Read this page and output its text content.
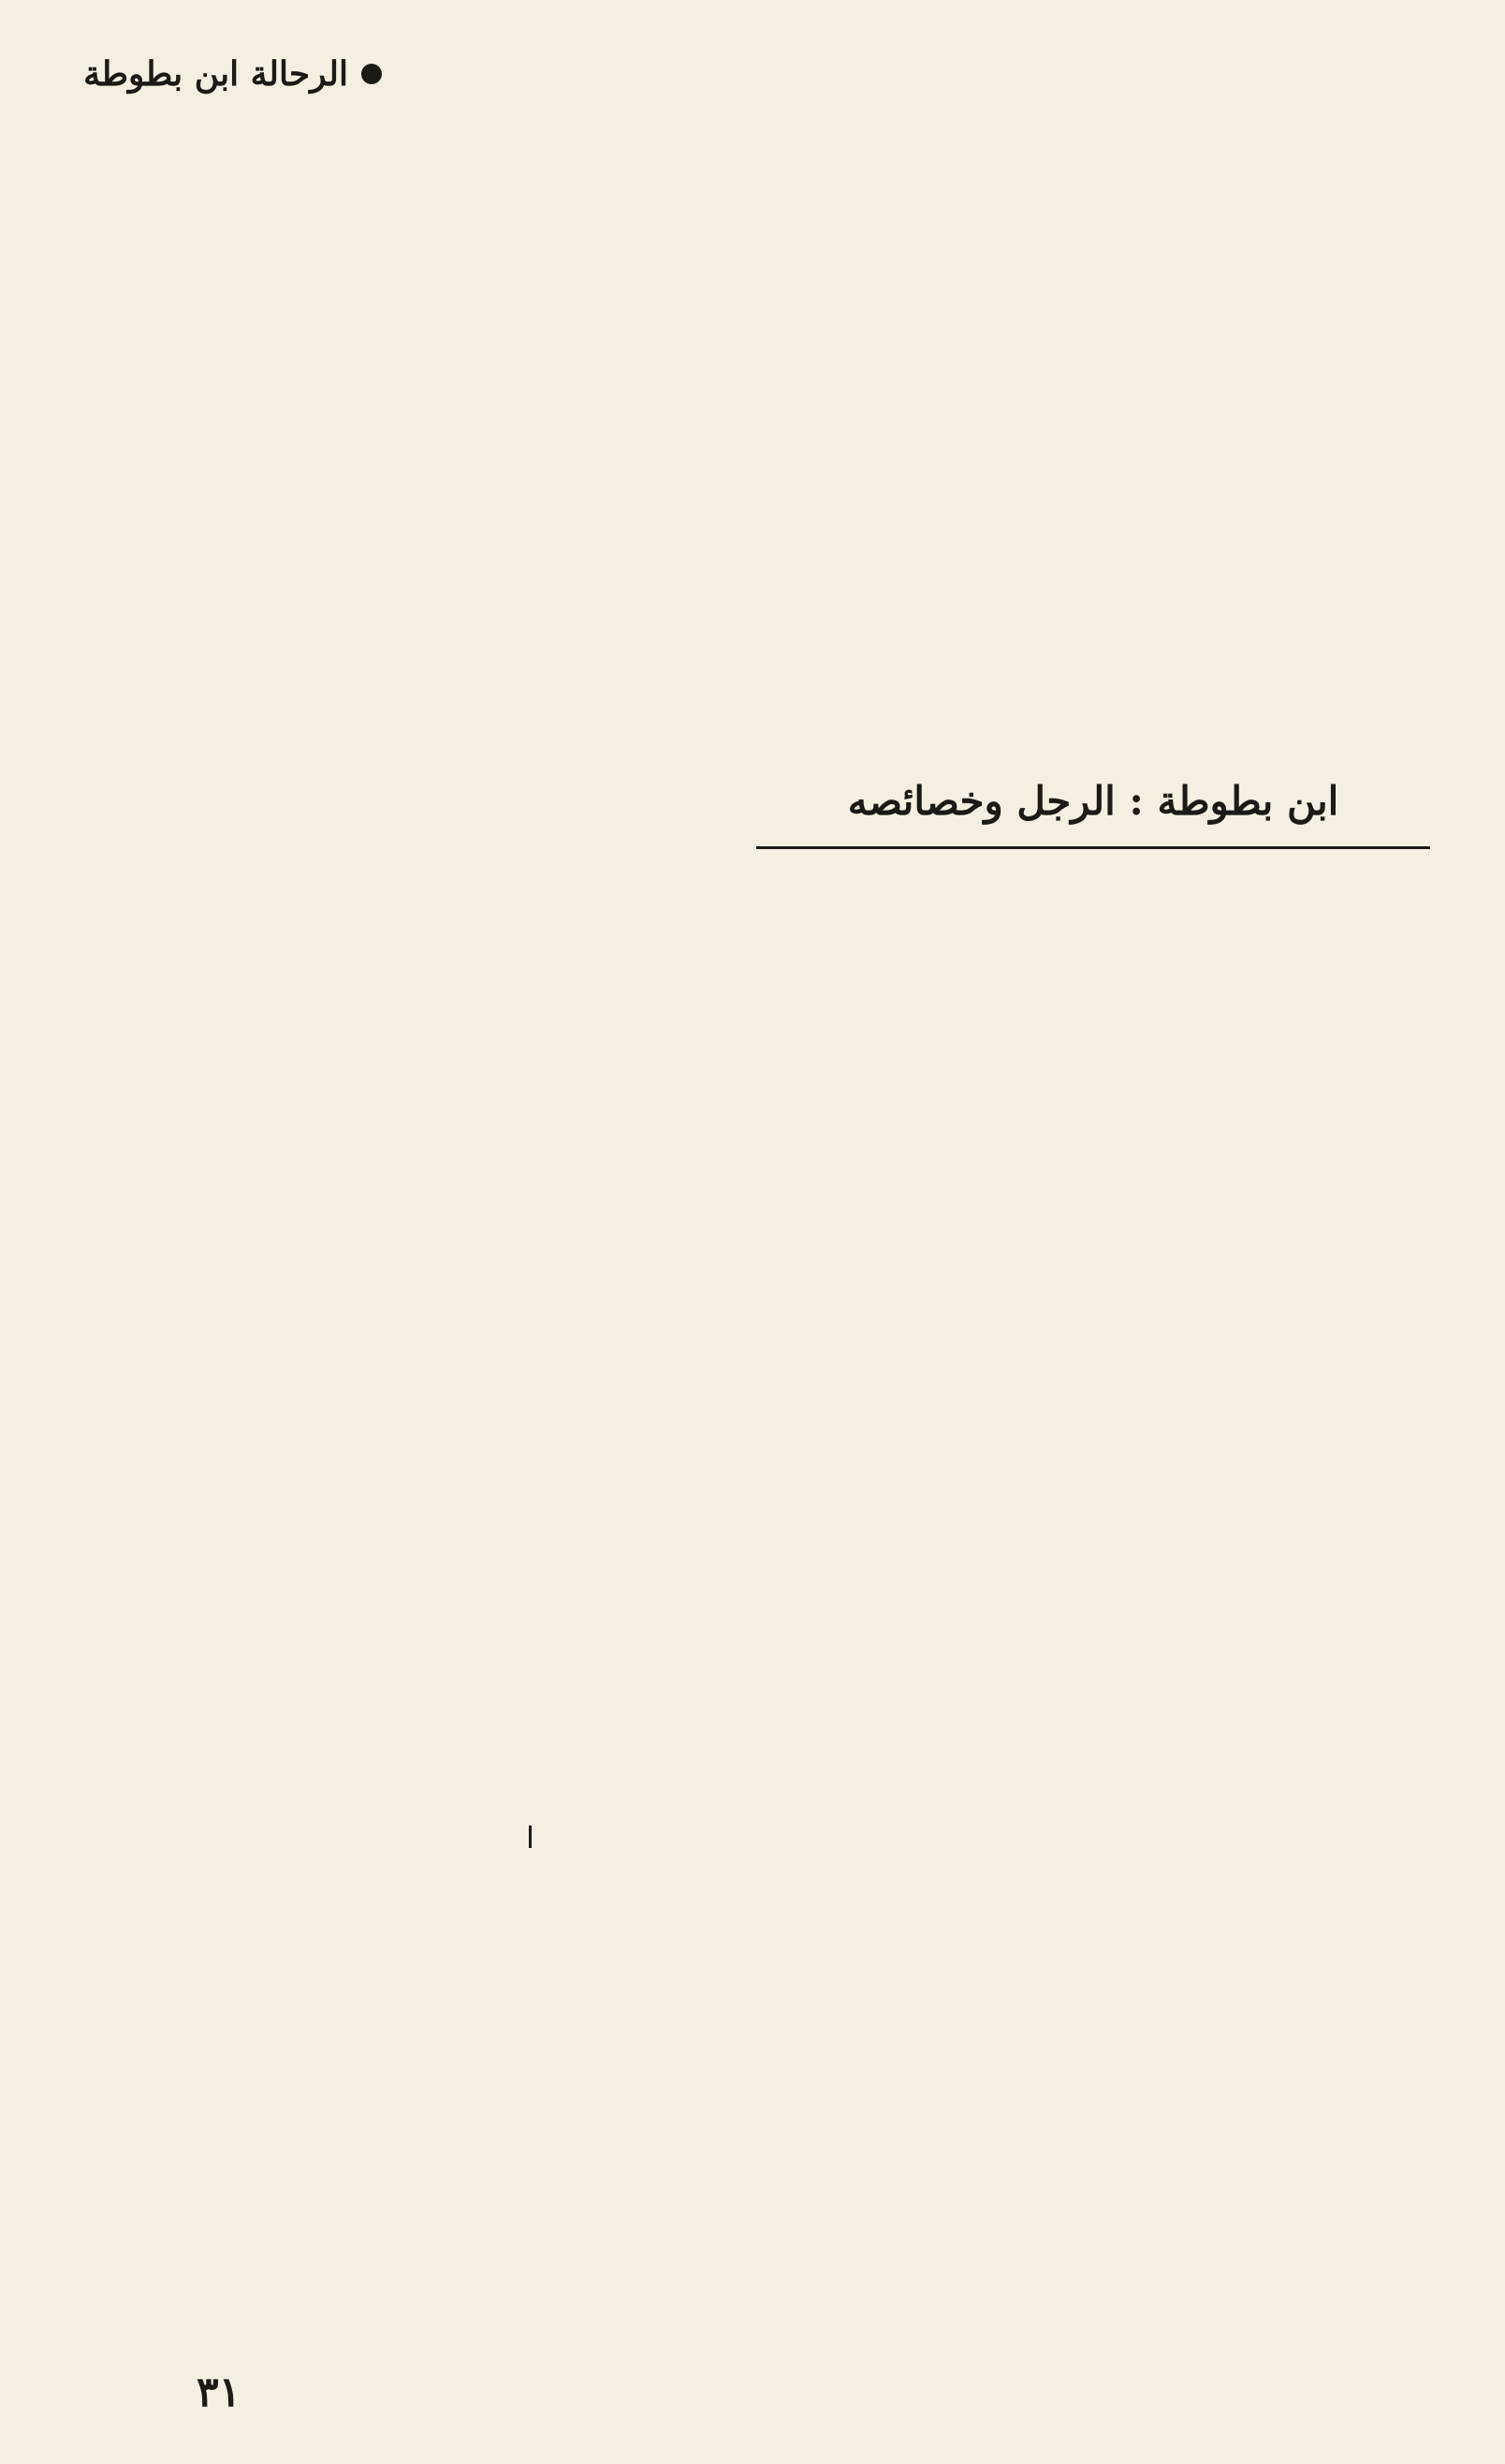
الرحالة ابن بطوطة

ابن بطوطة : الرجل وخصائصه

٣١
